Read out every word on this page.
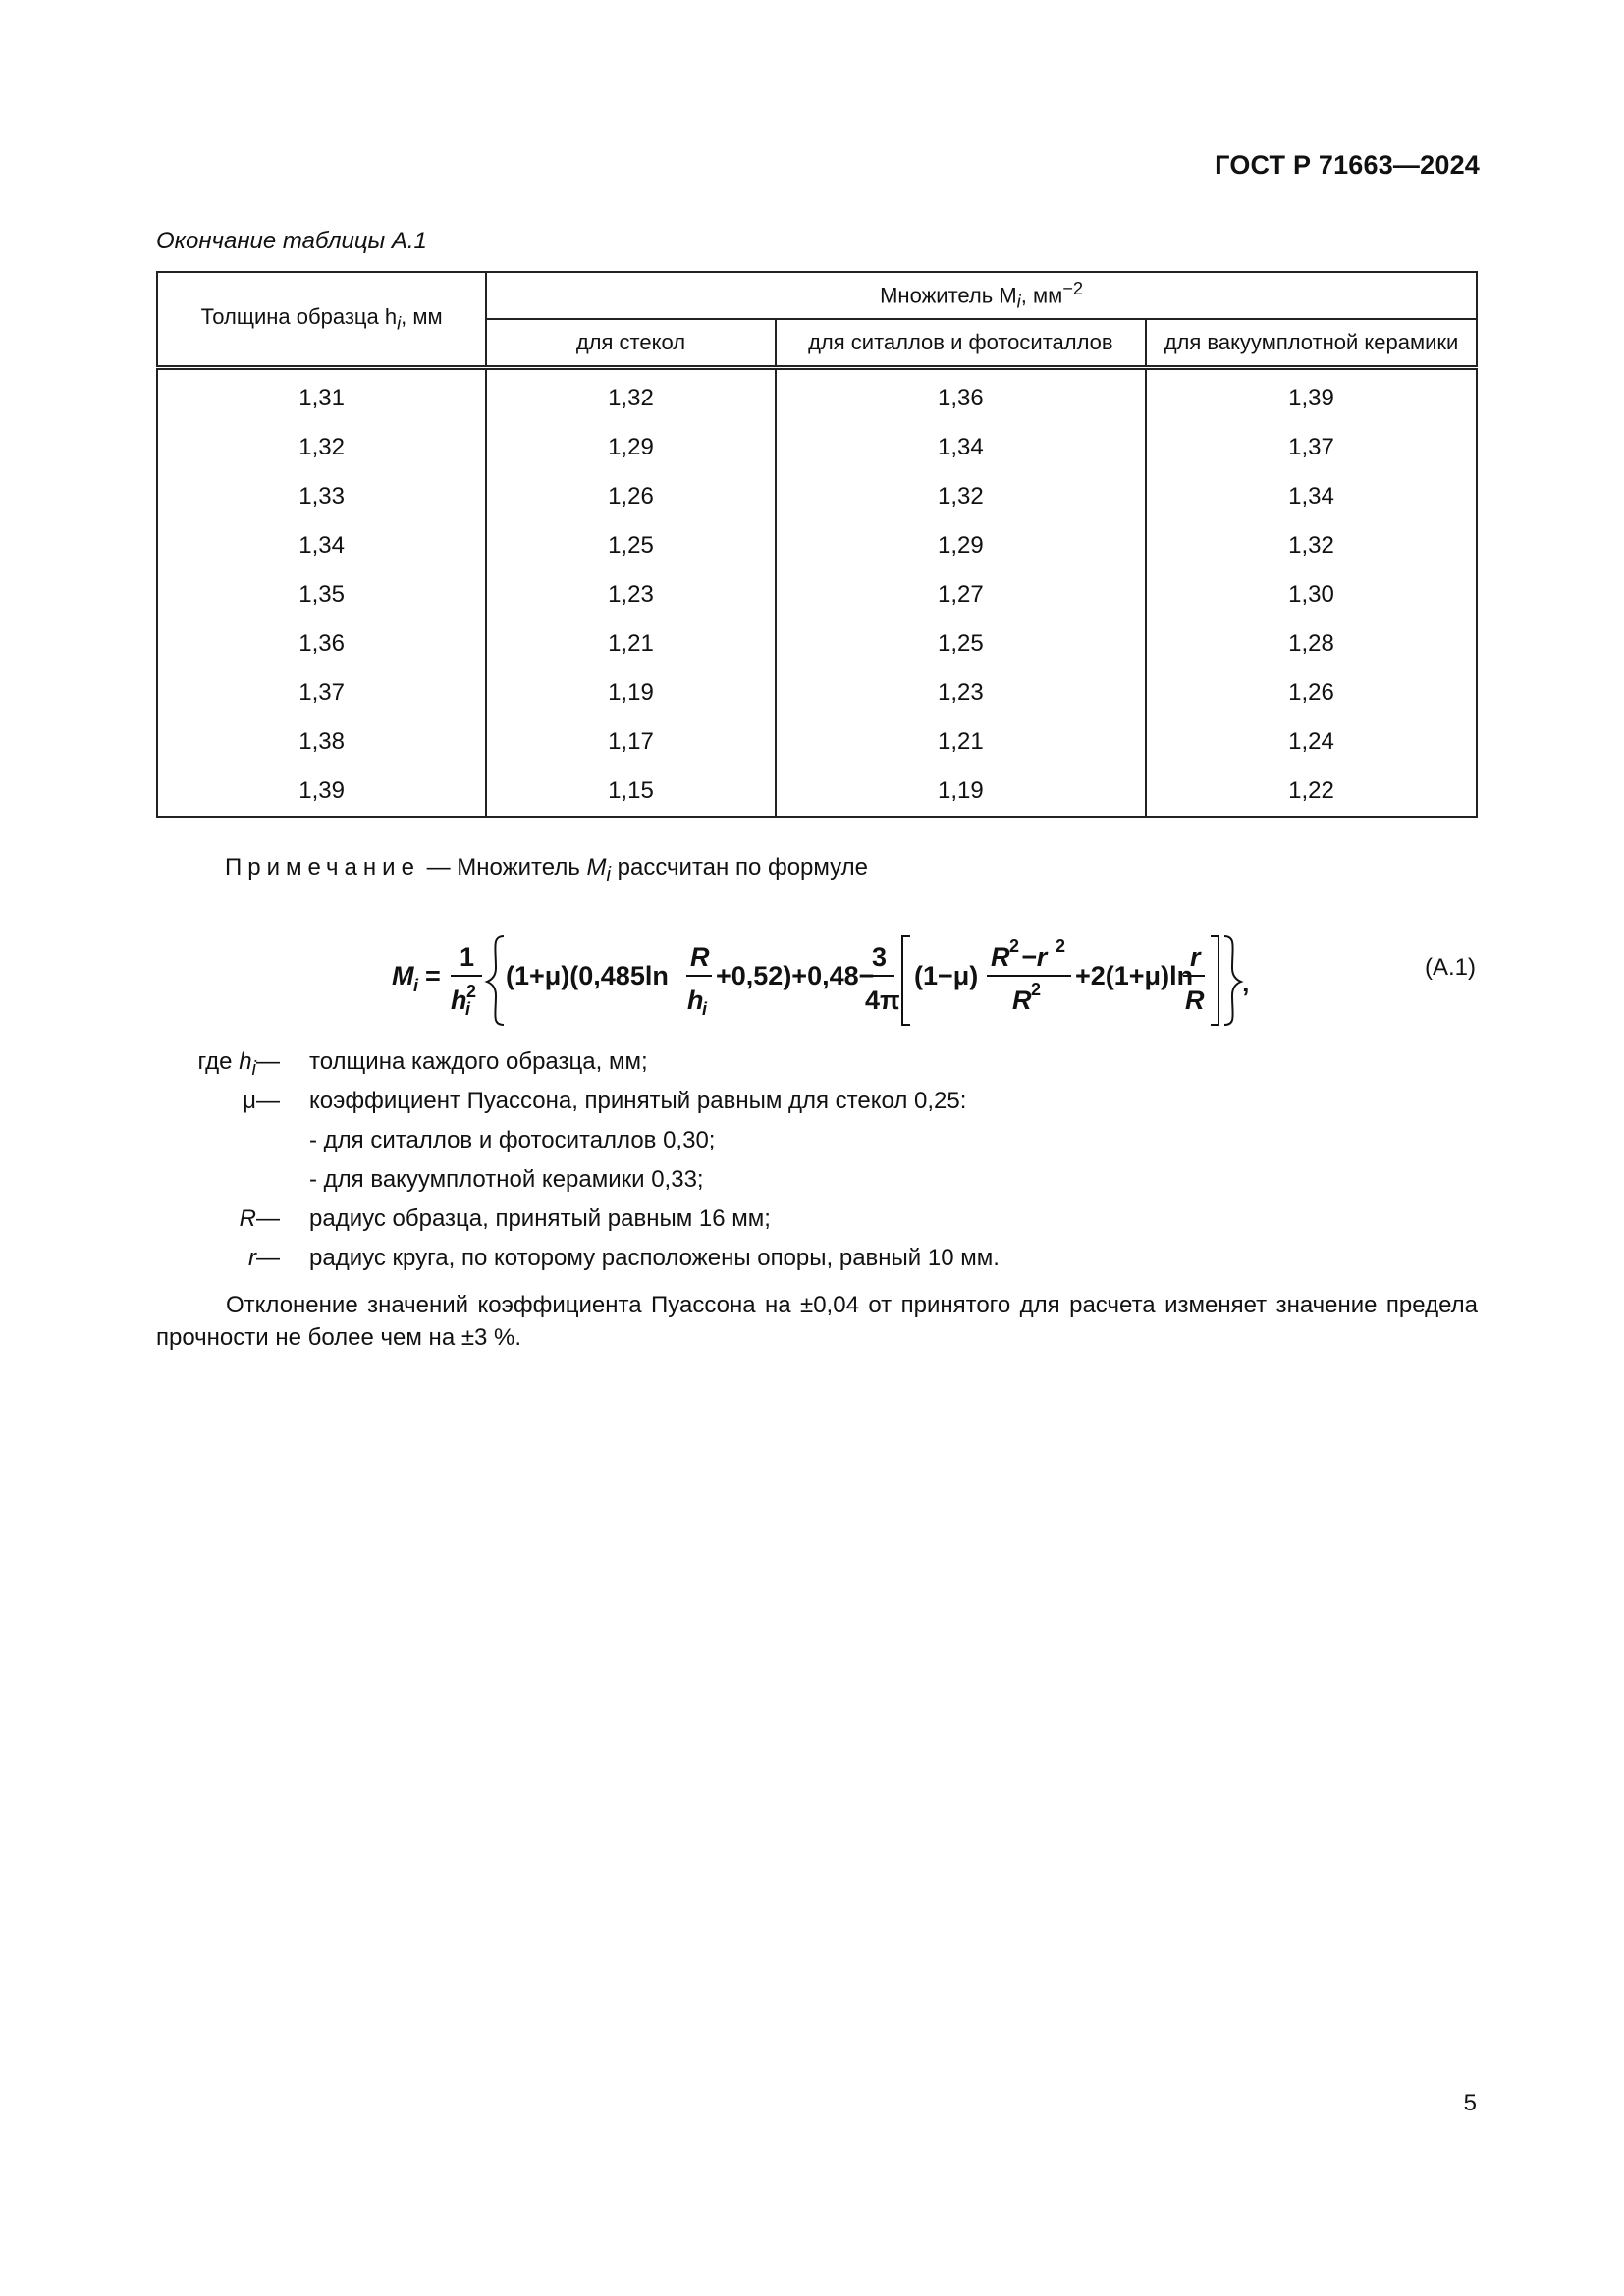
ГОСТ Р 71663—2024
Окончание таблицы А.1
Толщина образца $h_i$, мм	Множитель $M_i$, $мм^{-2}$
	для стекол	для ситаллов и фотоситаллов	для вакуумплотной керамики
1,31	1,32	1,36	1,39
1,32	1,29	1,34	1,37
1,33	1,26	1,32	1,34
1,34	1,25	1,29	1,32
1,35	1,23	1,27	1,30
1,36	1,21	1,25	1,28
1,37	1,19	1,23	1,26
1,38	1,17	1,21	1,24
1,39	1,15	1,19	1,22
Примечание — Множитель $M_i$ рассчитан по формуле
M i =
1
h
i
2
(1+μ)(0,485ln
R
h
i
+0,52)+0,48−
3
4π
(1−μ)
R 2 −r 2
R 2 +2(1+μ)ln
r
R
,
(А.1)
где $h_i$ — толщина каждого образца, мм;
μ — коэффициент Пуассона, принятый равным для стекол 0,25:
- для ситаллов и фотоситаллов 0,30;
- для вакуумплотной керамики 0,33;
R — радиус образца, принятый равным 16 мм;
r — радиус круга, по которому расположены опоры, равный 10 мм.
Отклонение значений коэффициента Пуассона на ±0,04 от принятого для расчета изменяет значение предела прочности не более чем на ±3 %.
5
